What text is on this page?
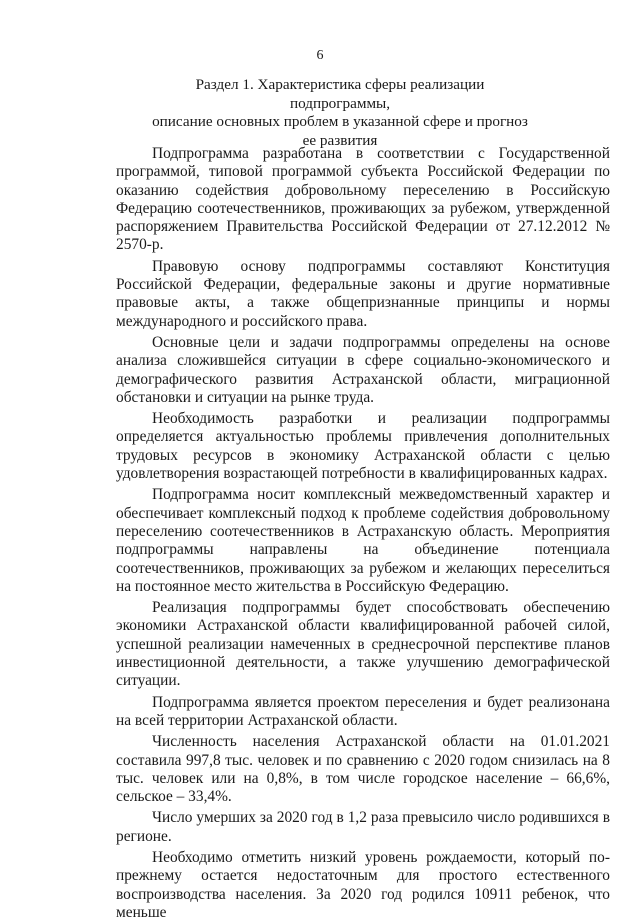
6
Раздел 1. Характеристика сферы реализации подпрограммы,
описание основных проблем в указанной сфере и прогноз
ее развития

Подпрограмма разработана в соответствии с Государственной программой, типовой программой субъекта Российской Федерации по оказанию содействия добровольному переселению в Российскую Федерацию соотечественников, проживающих за рубежом, утвержденной распоряжением Правительства Российской Федерации от 27.12.2012 № 2570-р.

Правовую основу подпрограммы составляют Конституция Российской Федерации, федеральные законы и другие нормативные правовые акты, а также общепризнанные принципы и нормы международного и российского права.

Основные цели и задачи подпрограммы определены на основе анализа сложившейся ситуации в сфере социально-экономического и демографического развития Астраханской области, миграционной обстановки и ситуации на рынке труда.

Необходимость разработки и реализации подпрограммы определяется актуальностью проблемы привлечения дополнительных трудовых ресурсов в экономику Астраханской области с целью удовлетворения возрастающей потребности в квалифицированных кадрах.

Подпрограмма носит комплексный межведомственный характер и обеспечивает комплексный подход к проблеме содействия добровольному переселению соотечественников в Астраханскую область. Мероприятия подпрограммы направлены на объединение потенциала соотечественников, проживающих за рубежом и желающих переселиться на постоянное место жительства в Российскую Федерацию.

Реализация подпрограммы будет способствовать обеспечению экономики Астраханской области квалифицированной рабочей силой, успешной реализации намеченных в среднесрочной перспективе планов инвестиционной деятельности, а также улучшению демографической ситуации.

Подпрограмма является проектом переселения и будет реализонана на всей территории Астраханской области.

Численность населения Астраханской области на 01.01.2021 составила 997,8 тыс. человек и по сравнению с 2020 годом снизилась на 8 тыс. человек или на 0,8%, в том числе городское население – 66,6%, сельское – 33,4%.

Число умерших за 2020 год в 1,2 раза превысило число родившихся в регионе.

Необходимо отметить низкий уровень рождаемости, который по-прежнему остается недостаточным для простого естественного воспроизводства населения. За 2020 год родился 10911 ребенок, что меньше
